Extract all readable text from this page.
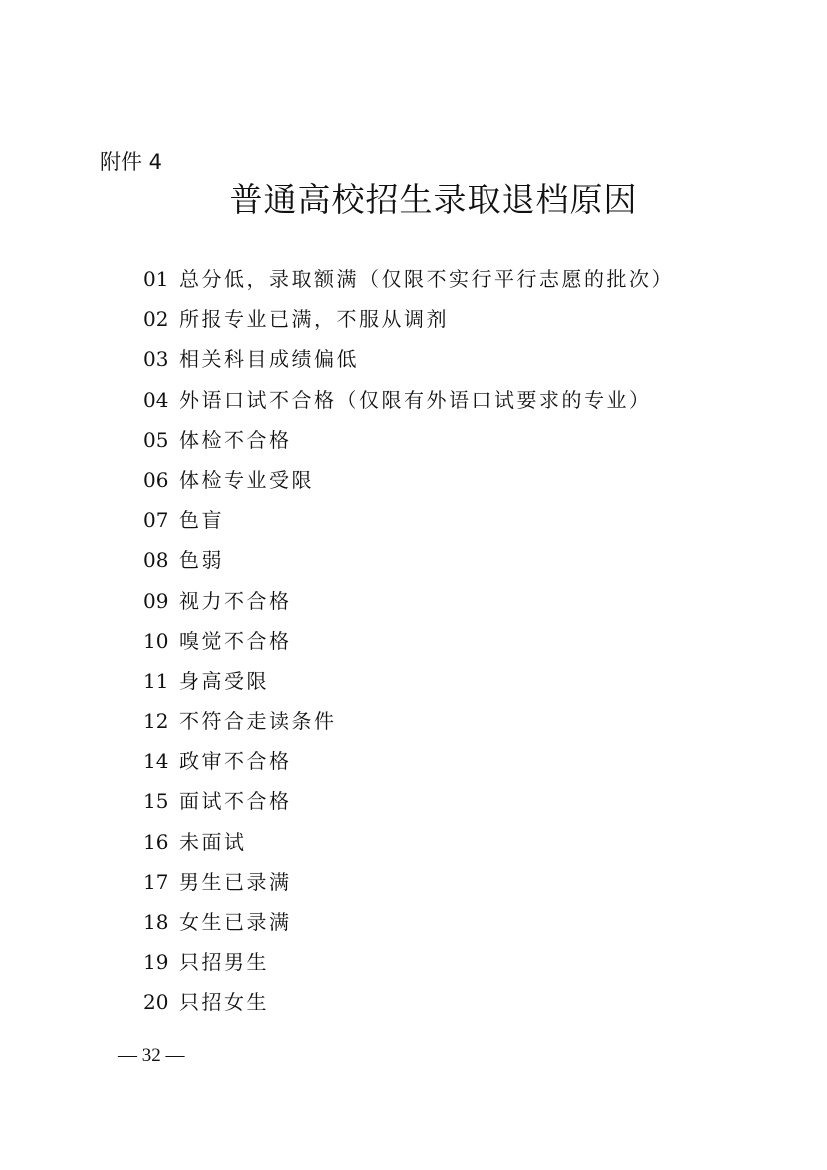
附件 4
普通高校招生录取退档原因
01 总分低，录取额满（仅限不实行平行志愿的批次）
02 所报专业已满，不服从调剂
03 相关科目成绩偏低
04 外语口试不合格（仅限有外语口试要求的专业）
05 体检不合格
06 体检专业受限
07 色盲
08 色弱
09 视力不合格
10 嗅觉不合格
11 身高受限
12 不符合走读条件
14 政审不合格
15 面试不合格
16 未面试
17 男生已录满
18 女生已录满
19 只招男生
20 只招女生
— 32 —
